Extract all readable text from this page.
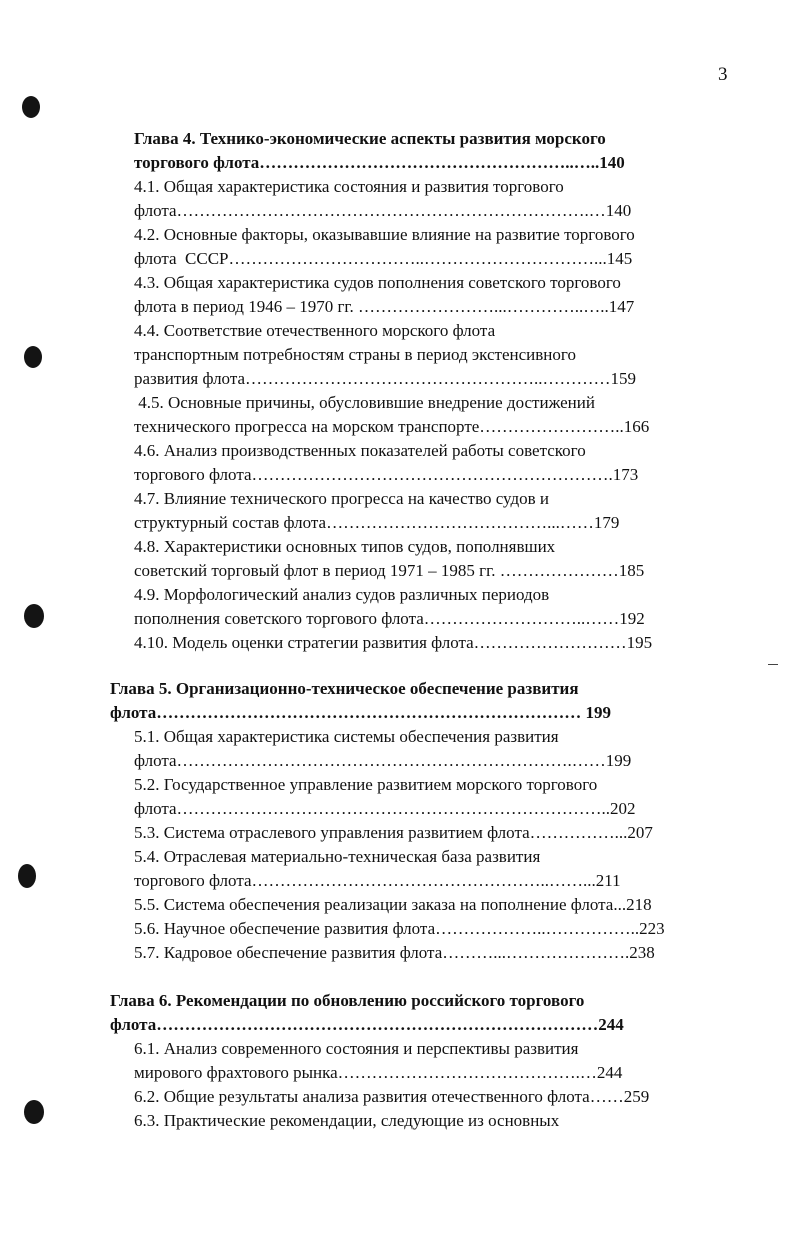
3
Глава 4. Технико-экономические аспекты развития морского
торгового флота………………………………………………..…..140
4.1. Общая характеристика состояния и развития торгового
флота……………………………………………………………….…140
4.2. Основные факторы, оказывавшие влияние на развитие торгового
флота  СССР……………………………..…………………………...145
4.3. Общая характеристика судов пополнения советского торгового
флота в период 1946 – 1970 гг. ……………………...…………..…..147
4.4. Соответствие отечественного морского флота
транспортным потребностям страны в период экстенсивного
развития флота……………………………………………..…………159
4.5. Основные причины, обусловившие внедрение достижений
технического прогресса на морском транспорте……………………..166
4.6. Анализ производственных показателей работы советского
торгового флота……………………………………………………….173
4.7. Влияние технического прогресса на качество судов и
структурный состав флота…………………………………...……179
4.8. Характеристики основных типов судов, пополнявших
советский торговый флот в период 1971 – 1985 гг. …………………185
4.9. Морфологический анализ судов различных периодов
пополнения советского торгового флота………………………..……192
4.10. Модель оценки стратегии развития флота………………………195
Глава 5. Организационно-техническое обеспечение развития
флота………………………………………………………………… 199
5.1. Общая характеристика системы обеспечения развития
флота…………………………………………………………….……199
5.2. Государственное управление развитием морского торгового
флота…………………………………………………………………..202
5.3. Система отраслевого управления развитием флота……………...207
5.4. Отраслевая материально-техническая база развития
торгового флота……………………………………………..……...211
5.5. Система обеспечения реализации заказа на пополнение флота...218
5.6. Научное обеспечение развития флота………………..……………..223
5.7. Кадровое обеспечение развития флота………...………………….238
Глава 6. Рекомендации по обновлению российского торгового
флота……………………………………………………………………244
6.1. Анализ современного состояния и перспективы развития
мирового фрахтового рынка…………………………………….…244
6.2. Общие результаты анализа развития отечественного флота……259
6.3. Практические рекомендации, следующие из основных
